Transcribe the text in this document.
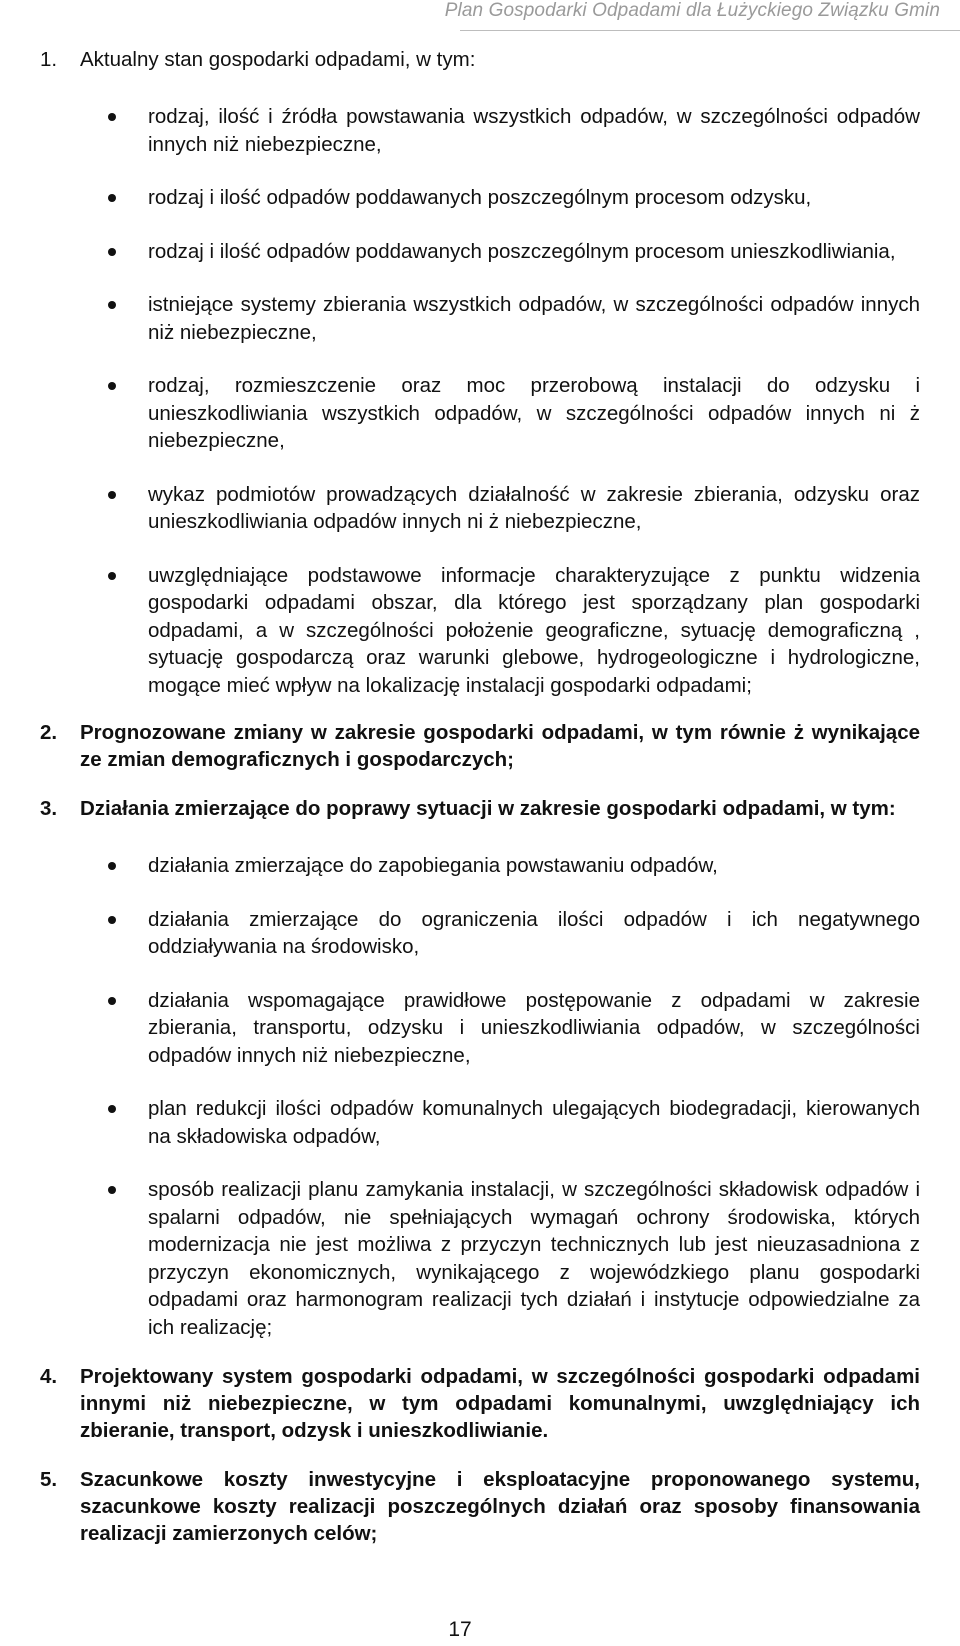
Plan Gospodarki Odpadami dla Łużyckiego Związku Gmin
1. Aktualny stan gospodarki odpadami, w tym:
rodzaj, ilość i źródła powstawania wszystkich odpadów, w szczególności odpadów innych niż niebezpieczne,
rodzaj i ilość odpadów poddawanych poszczególnym procesom odzysku,
rodzaj i ilość odpadów poddawanych poszczególnym procesom unieszkodliwiania,
istniejące systemy zbierania wszystkich odpadów, w szczególności odpadów innych niż niebezpieczne,
rodzaj, rozmieszczenie oraz moc przerobową instalacji do odzysku i unieszkodliwiania wszystkich odpadów, w szczególności odpadów innych ni ż niebezpieczne,
wykaz podmiotów prowadzących działalność w zakresie zbierania, odzysku oraz unieszkodliwiania odpadów innych ni ż niebezpieczne,
uwzględniające podstawowe informacje charakteryzujące z punktu widzenia gospodarki odpadami obszar, dla którego jest sporządzany plan gospodarki odpadami, a w szczególności położenie geograficzne, sytuację demograficzną , sytuację gospodarczą oraz warunki glebowe, hydrogeologiczne i hydrologiczne, mogące mieć wpływ na lokalizację instalacji gospodarki odpadami;
2. Prognozowane zmiany w zakresie gospodarki odpadami, w tym równie ż wynikające ze zmian demograficznych i gospodarczych;
3. Działania zmierzające do poprawy sytuacji w zakresie gospodarki odpadami, w tym:
działania zmierzające do zapobiegania powstawaniu odpadów,
działania zmierzające do ograniczenia ilości odpadów i ich negatywnego oddziaływania na środowisko,
działania wspomagające prawidłowe postępowanie z odpadami w zakresie zbierania, transportu, odzysku i unieszkodliwiania odpadów, w szczególności odpadów innych niż niebezpieczne,
plan redukcji ilości odpadów komunalnych ulegających biodegradacji, kierowanych na składowiska odpadów,
sposób realizacji planu zamykania instalacji, w szczególności składowisk odpadów i spalarni odpadów, nie spełniających wymagań ochrony środowiska, których modernizacja nie jest możliwa z przyczyn technicznych lub jest nieuzasadniona z przyczyn ekonomicznych, wynikającego z wojewódzkiego planu gospodarki odpadami oraz harmonogram realizacji tych działań i instytucje odpowiedzialne za ich realizację;
4. Projektowany system gospodarki odpadami, w szczególności gospodarki odpadami innymi niż niebezpieczne, w tym odpadami komunalnymi, uwzględniający ich zbieranie, transport, odzysk i unieszkodliwianie.
5. Szacunkowe koszty inwestycyjne i eksploatacyjne proponowanego systemu, szacunkowe koszty realizacji poszczególnych działań oraz sposoby finansowania realizacji zamierzonych celów;
17
